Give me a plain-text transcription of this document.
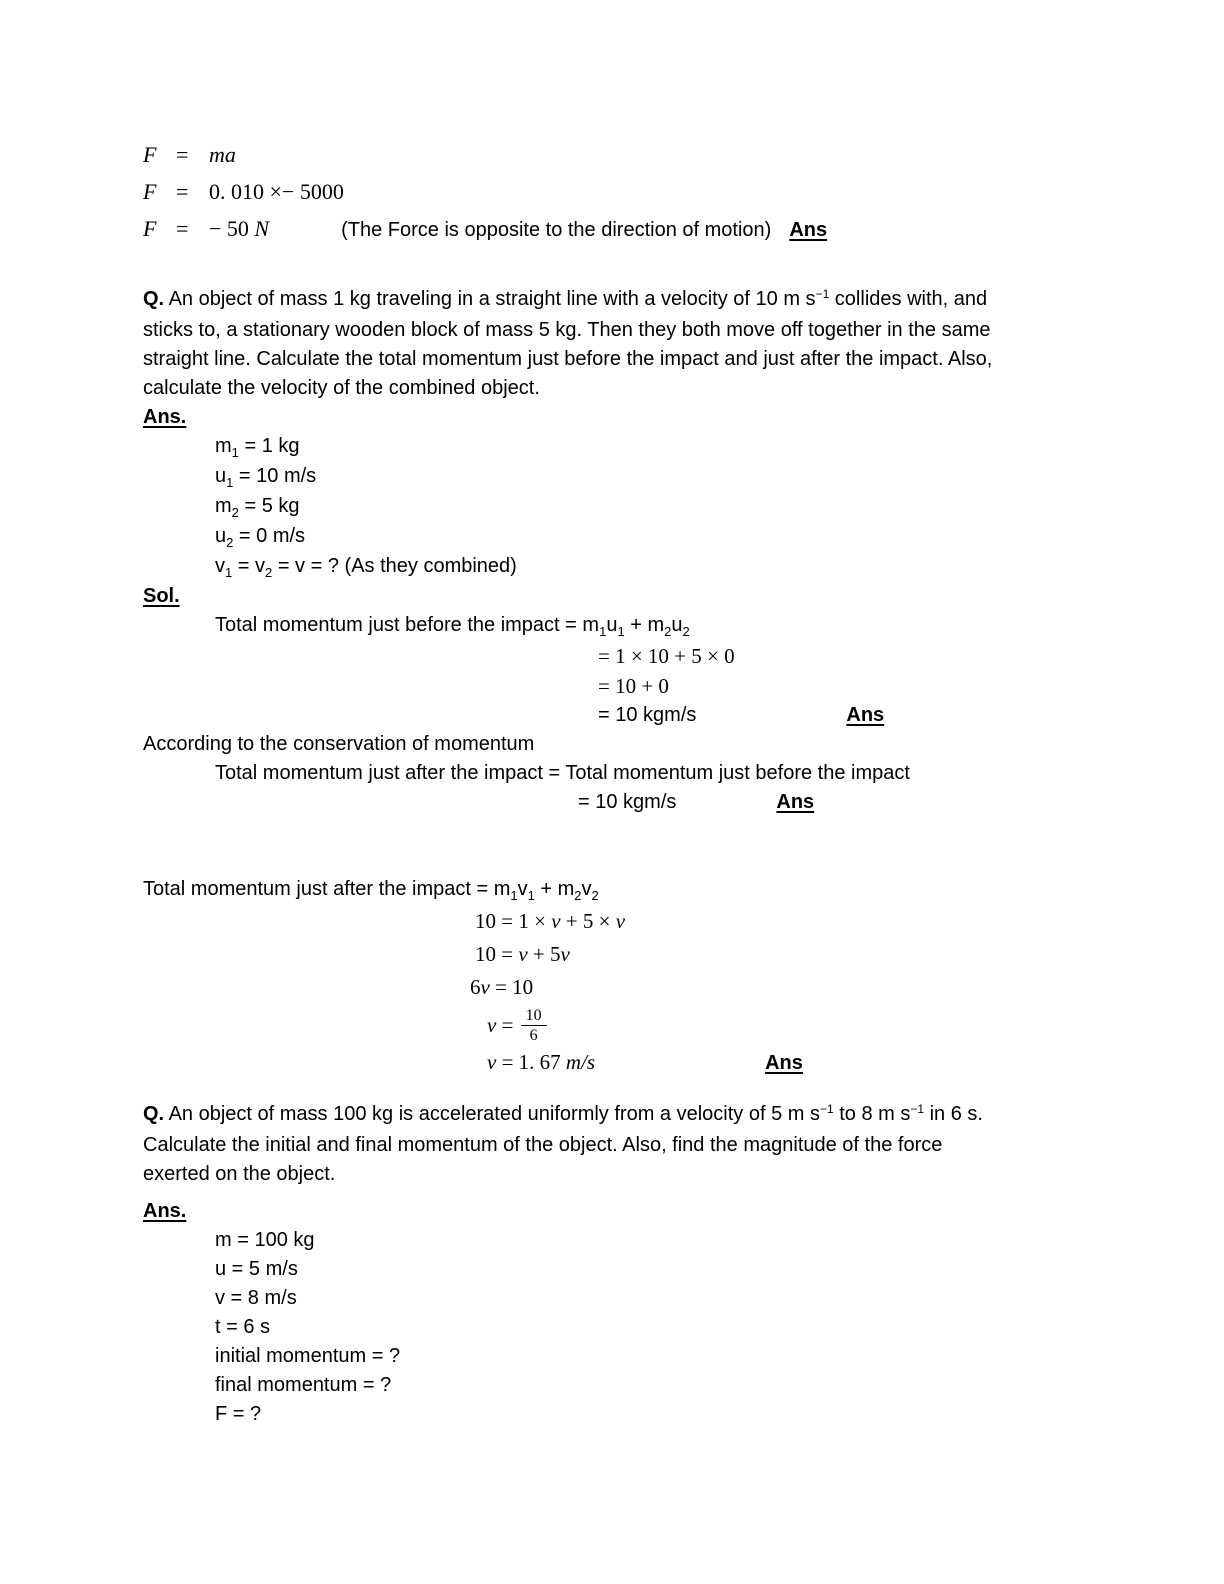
F = ma
F = 0. 010 ×− 5000
F = − 50 N	(The Force is opposite to the direction of motion) Ans
Q. An object of mass 1 kg traveling in a straight line with a velocity of 10 m $s^{-1}$ collides with, and
sticks to, a stationary wooden block of mass 5 kg. Then they both move off together in the same
straight line. Calculate the total momentum just before the impact and just after the impact. Also,
calculate the velocity of the combined object.
Ans.
$m_1 = 1$ kg
$u_1 = 10$ m/s
$m_2 = 5$ kg
$u_2 = 0$ m/s
$v_1 = v_2 = v$ = ? (As they combined)
Sol.
Total momentum just before the impact = $m_1u_1 + m_2u_2$
= 1 × 10 + 5 × 0
= 10 + 0
= 10 kgm/s	Ans
According to the conservation of momentum
Total momentum just after the impact = Total momentum just before the impact
= 10 kgm/s	Ans
Total momentum just after the impact = $m_1v_1 + m_2v_2$
10 = 1 × v + 5 × v
10 = v + 5v
6v = 10
$v = \frac{10}{6}$
v = 1. 67 m/s	Ans
Q. An object of mass 100 kg is accelerated uniformly from a velocity of 5 m $s^{-1}$ to 8 m $s^{-1}$ in 6 s.
Calculate the initial and final momentum of the object. Also, find the magnitude of the force
exerted on the object.
Ans.
m = 100 kg
u = 5 m/s
v = 8 m/s
t = 6 s
initial momentum = ?
final momentum = ?
F = ?
